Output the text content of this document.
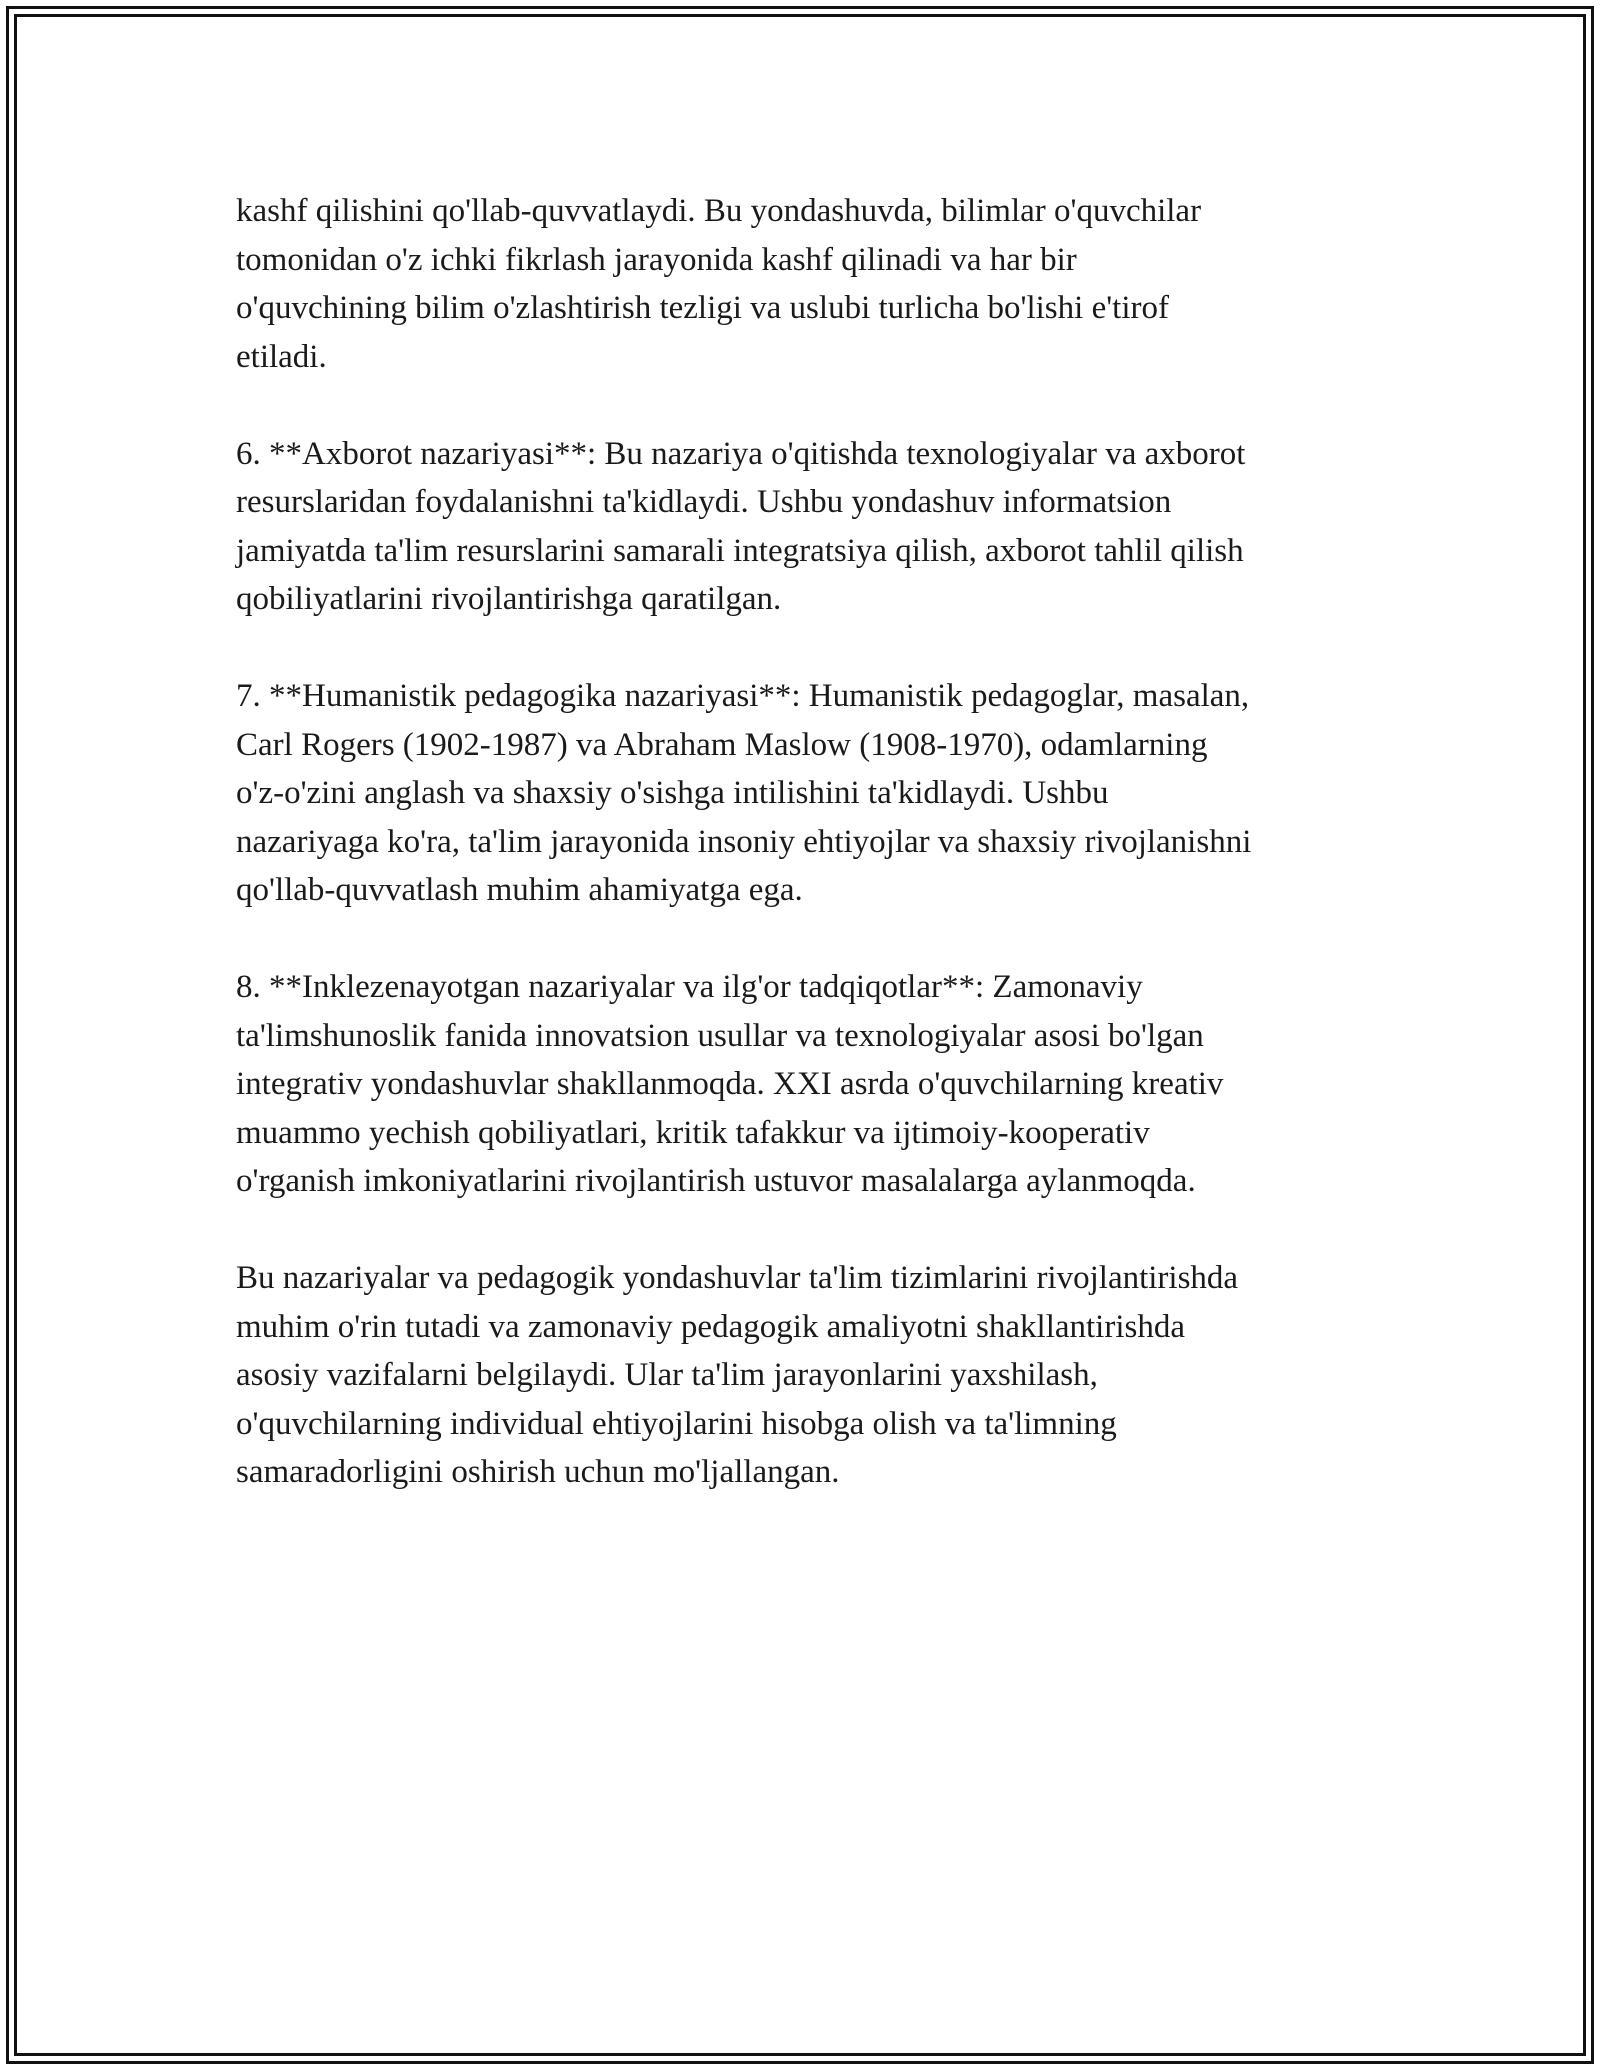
kashf qilishini qo'llab-quvvatlaydi. Bu yondashuvda, bilimlar o'quvchilar
tomonidan o'z ichki fikrlash jarayonida kashf qilinadi va har bir
o'quvchining bilim o'zlashtirish tezligi va uslubi turlicha bo'lishi e'tirof
etiladi.

6. **Axborot nazariyasi**: Bu nazariya o'qitishda texnologiyalar va axborot
resurslaridan foydalanishni ta'kidlaydi. Ushbu yondashuv informatsion
jamiyatda ta'lim resurslarini samarali integratsiya qilish, axborot tahlil qilish
qobiliyatlarini rivojlantirishga qaratilgan.

7. **Humanistik pedagogika nazariyasi**: Humanistik pedagoglar, masalan,
Carl Rogers (1902-1987) va Abraham Maslow (1908-1970), odamlarning
o'z-o'zini anglash va shaxsiy o'sishga intilishini ta'kidlaydi. Ushbu
nazariyaga ko'ra, ta'lim jarayonida insoniy ehtiyojlar va shaxsiy rivojlanishni
qo'llab-quvvatlash muhim ahamiyatga ega.

8. **Inklezenayotgan nazariyalar va ilg'or tadqiqotlar**: Zamonaviy
ta'limshunoslik fanida innovatsion usullar va texnologiyalar asosi bo'lgan
integrativ yondashuvlar shakllanmoqda. XXI asrda o'quvchilarning kreativ
muammo yechish qobiliyatlari, kritik tafakkur va ijtimoiy-kooperativ
o'rganish imkoniyatlarini rivojlantirish ustuvor masalalarga aylanmoqda.

Bu nazariyalar va pedagogik yondashuvlar ta'lim tizimlarini rivojlantirishda
muhim o'rin tutadi va zamonaviy pedagogik amaliyotni shakllantirishda
asosiy vazifalarni belgilaydi. Ular ta'lim jarayonlarini yaxshilash,
o'quvchilarning individual ehtiyojlarini hisobga olish va ta'limning
samaradorligini oshirish uchun mo'ljallangan.
